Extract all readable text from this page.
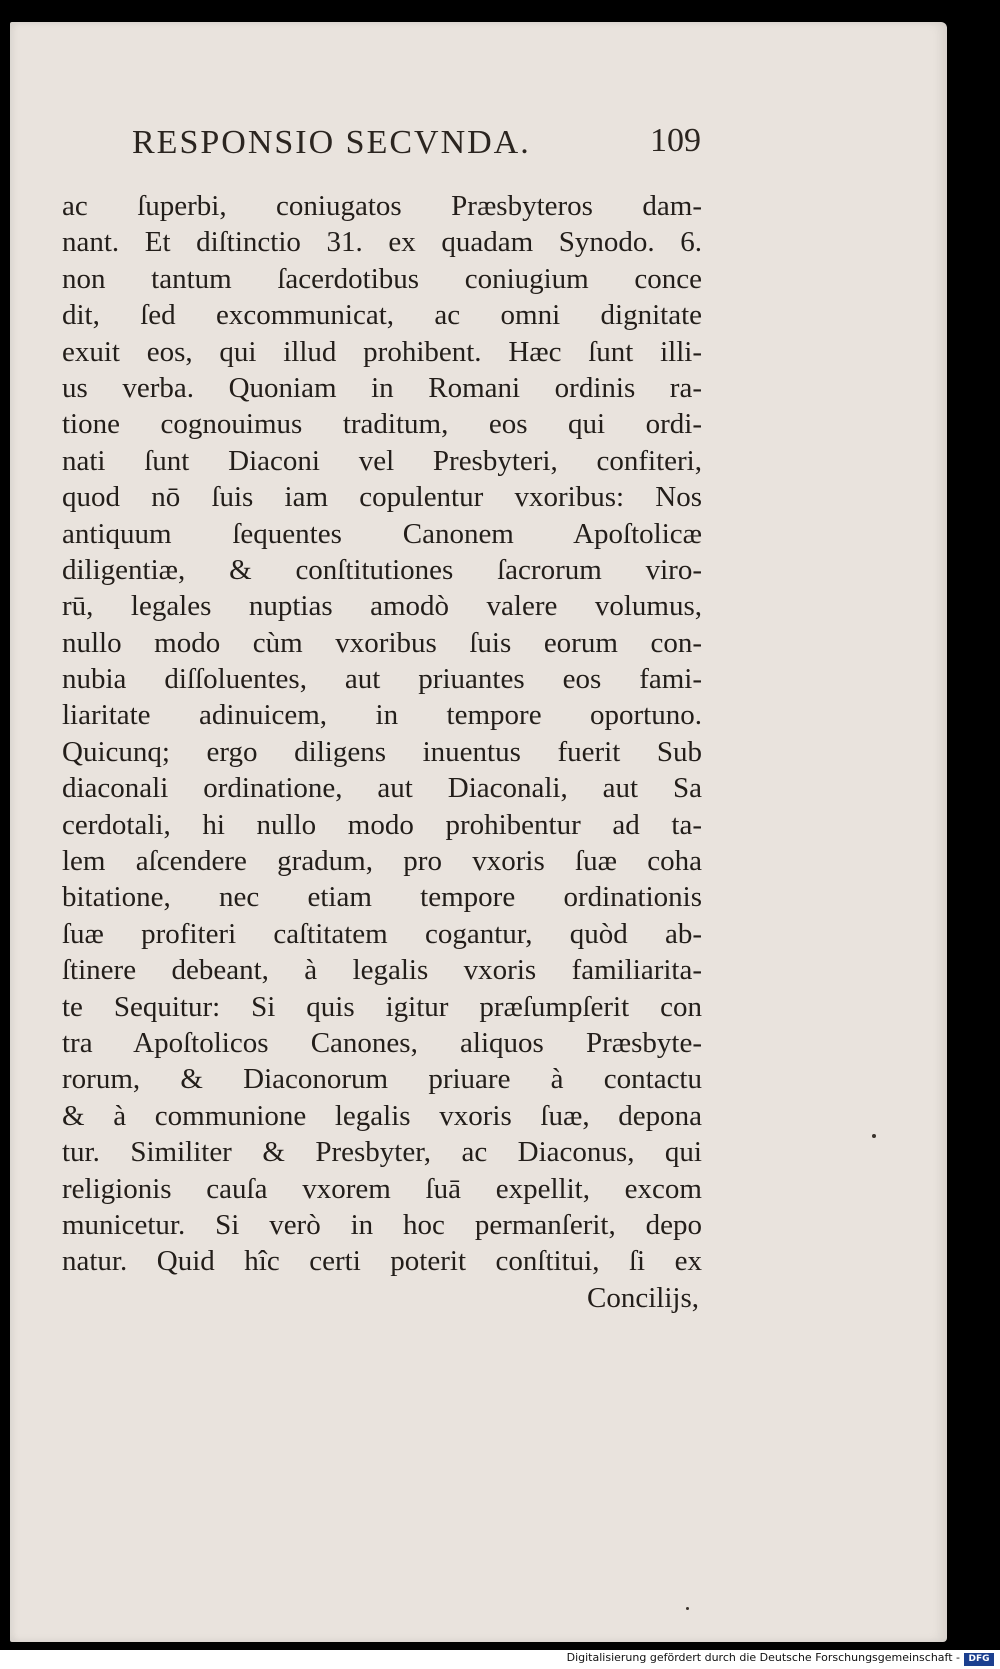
RESPONSIO SECVNDA.	109
ac ſuperbi, coniugatos Præsbyteros dam-
nant. Et diſtinctio 31. ex quadam Synodo. 6.
non tantum ſacerdotibus coniugium conce
dit, ſed excommunicat, ac omni dignitate
exuit eos, qui illud prohibent. Hæc ſunt illi-
us verba. Quoniam in Romani ordinis ra-
tione cognouimus traditum, eos qui ordi-
nati ſunt Diaconi vel Presbyteri, confiteri,
quod nō ſuis iam copulentur vxoribus: Nos
antiquum ſequentes Canonem Apoſtolicæ
diligentiæ, & conſtitutiones ſacrorum viro-
rū, legales nuptias amodò valere volumus,
nullo modo cùm vxoribus ſuis eorum con-
nubia diſſoluentes, aut priuantes eos fami-
liaritate adinuicem, in tempore oportuno.
Quicunq; ergo diligens inuentus fuerit Sub
diaconali ordinatione, aut Diaconali, aut Sa
cerdotali, hi nullo modo prohibentur ad ta-
lem aſcendere gradum, pro vxoris ſuæ coha
bitatione, nec etiam tempore ordinationis
ſuæ profiteri caſtitatem cogantur, quòd ab-
ſtinere debeant, à legalis vxoris familiarita-
te Sequitur: Si quis igitur præſumpſerit con
tra Apoſtolicos Canones, aliquos Præsbyte-
rorum, & Diaconorum priuare à contactu
& à communione legalis vxoris ſuæ, depona
tur. Similiter & Presbyter, ac Diaconus, qui
religionis cauſa vxorem ſuā expellit, excom
municetur. Si verò in hoc permanſerit, depo
natur. Quid hîc certi poterit conſtitui, ſi ex
Concilijs,
Digitalisierung gefördert durch die Deutsche Forschungsgemeinschaft - DFG
